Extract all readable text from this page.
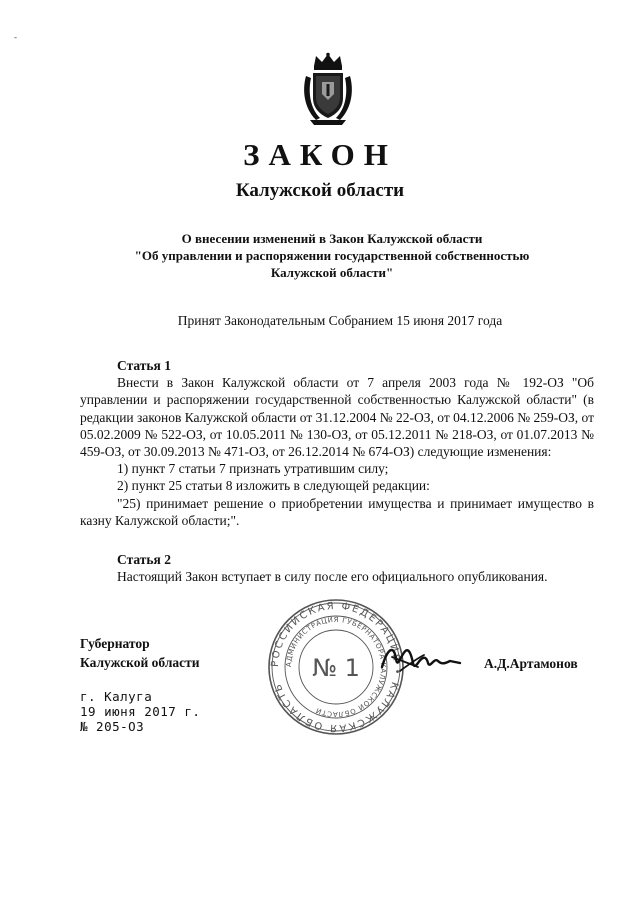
-
ЗАКОН
Калужской области
О внесении изменений в Закон Калужской области
"Об управлении и распоряжении государственной собственностью
Калужской области"
Принят Законодательным Собранием 15 июня 2017 года
Статья 1

Внести в Закон Калужской области от 7 апреля 2003 года № 192-ОЗ "Об управлении и распоряжении государственной собственностью Калужской области" (в редакции законов Калужской области от 31.12.2004 № 22-ОЗ, от 04.12.2006 № 259-ОЗ, от 05.02.2009 № 522-ОЗ, от 10.05.2011 № 130-ОЗ, от 05.12.2011 № 218-ОЗ, от 01.07.2013 № 459-ОЗ, от 30.09.2013 № 471-ОЗ, от 26.12.2014 № 674-ОЗ) следующие изменения:

1) пункт 7 статьи 7 признать утратившим силу;

2) пункт 25 статьи 8 изложить в следующей редакции:

"25) принимает решение о приобретении имущества и принимает имущество в казну Калужской области;".

Статья 2

Настоящий Закон вступает в силу после его официального опубликования.

Губернатор
Калужской области	РОССИЙСКАЯ ФЕДЕРАЦИЯ • КАЛУЖСКАЯ ОБЛАСТЬ
АДМИНИСТРАЦИЯ ГУБЕРНАТОРА КАЛУЖСКОЙ ОБЛАСТИ
№ 1	А.Д.Артамонов
г. Калуга
19 июня 2017 г.
№ 205-ОЗ
